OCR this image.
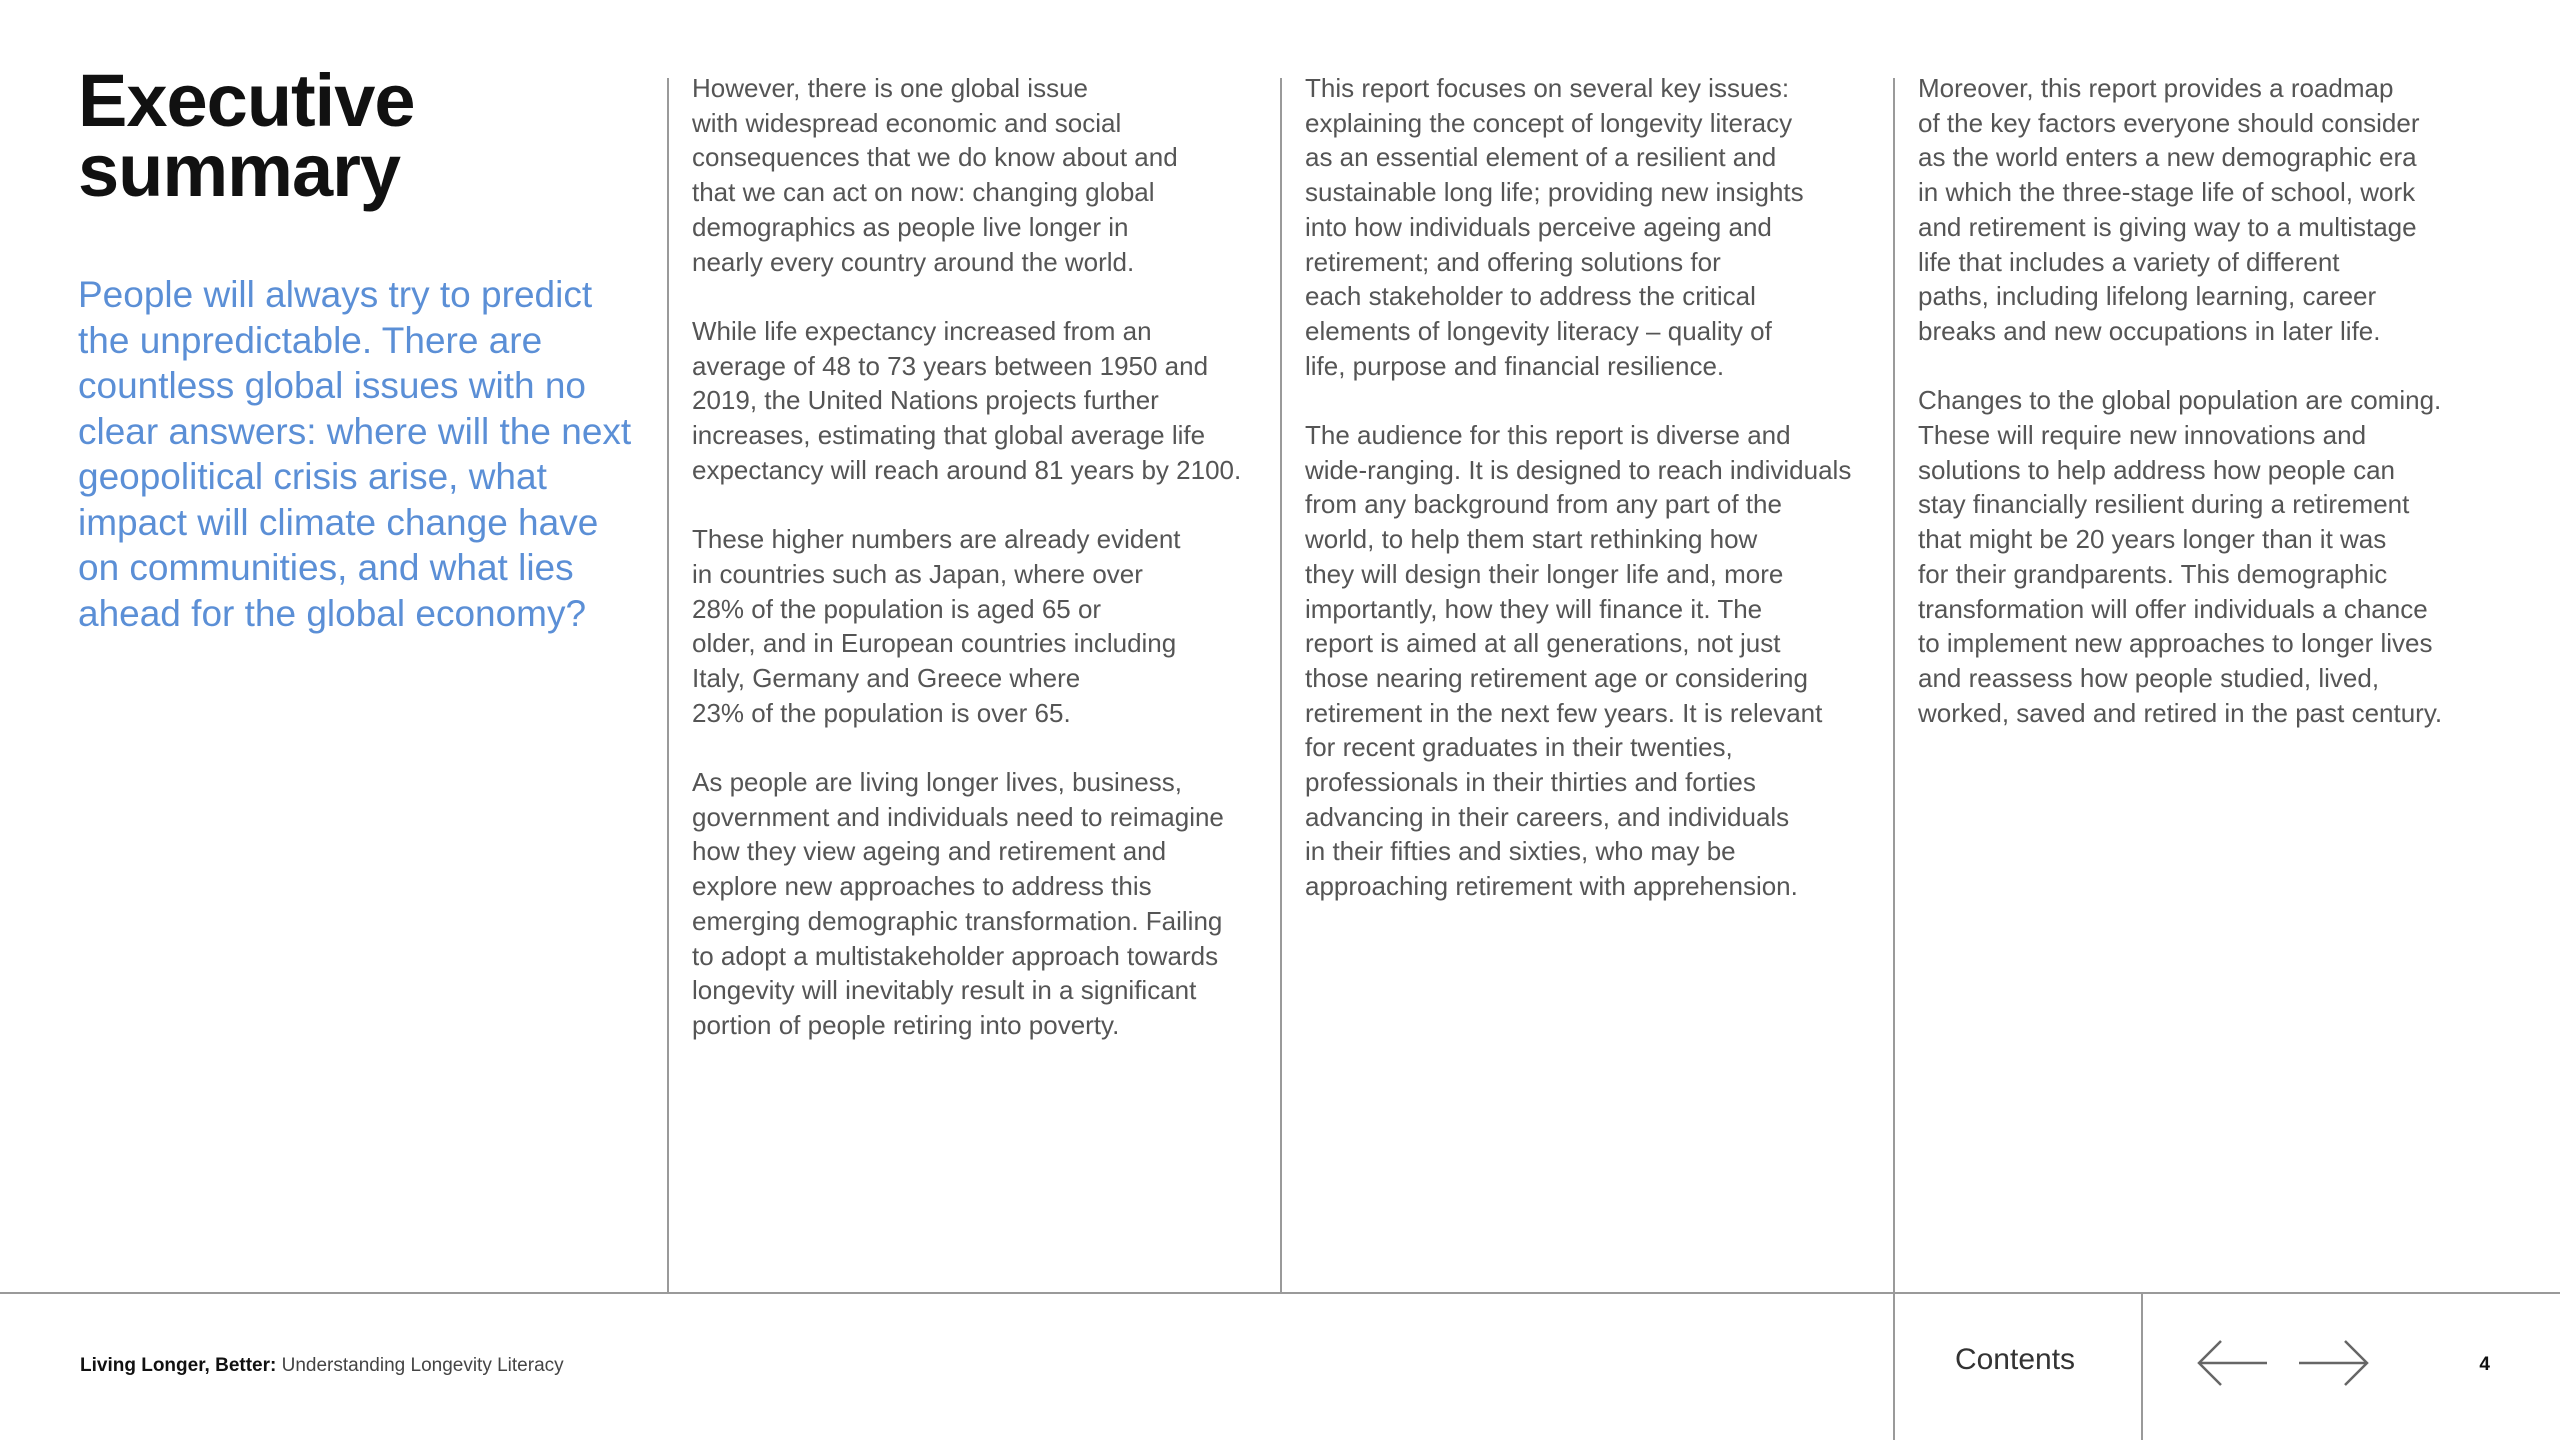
Executive
summary

People will always try to predict the unpredictable. There are countless global issues with no clear answers: where will the next geopolitical crisis arise, what impact will climate change have on communities, and what lies ahead for the global economy?

However, there is one global issue
with widespread economic and social
consequences that we do know about and
that we can act on now: changing global
demographics as people live longer in
nearly every country around the world.

While life expectancy increased from an
average of 48 to 73 years between 1950 and
2019, the United Nations projects further
increases, estimating that global average life
expectancy will reach around 81 years by 2100.

These higher numbers are already evident
in countries such as Japan, where over
28% of the population is aged 65 or
older, and in European countries including
Italy, Germany and Greece where
23% of the population is over 65.

As people are living longer lives, business,
government and individuals need to reimagine
how they view ageing and retirement and
explore new approaches to address this
emerging demographic transformation. Failing
to adopt a multistakeholder approach towards
longevity will inevitably result in a significant
portion of people retiring into poverty.

This report focuses on several key issues:
explaining the concept of longevity literacy
as an essential element of a resilient and
sustainable long life; providing new insights
into how individuals perceive ageing and
retirement; and offering solutions for
each stakeholder to address the critical
elements of longevity literacy – quality of
life, purpose and financial resilience.

The audience for this report is diverse and
wide-ranging. It is designed to reach individuals
from any background from any part of the
world, to help them start rethinking how
they will design their longer life and, more
importantly, how they will finance it. The
report is aimed at all generations, not just
those nearing retirement age or considering
retirement in the next few years. It is relevant
for recent graduates in their twenties,
professionals in their thirties and forties
advancing in their careers, and individuals
in their fifties and sixties, who may be
approaching retirement with apprehension.

Moreover, this report provides a roadmap
of the key factors everyone should consider
as the world enters a new demographic era
in which the three-stage life of school, work
and retirement is giving way to a multistage
life that includes a variety of different
paths, including lifelong learning, career
breaks and new occupations in later life.

Changes to the global population are coming.
These will require new innovations and
solutions to help address how people can
stay financially resilient during a retirement
that might be 20 years longer than it was
for their grandparents. This demographic
transformation will offer individuals a chance
to implement new approaches to longer lives
and reassess how people studied, lived,
worked, saved and retired in the past century.

Living Longer, Better: Understanding Longevity Literacy	Contents	4
